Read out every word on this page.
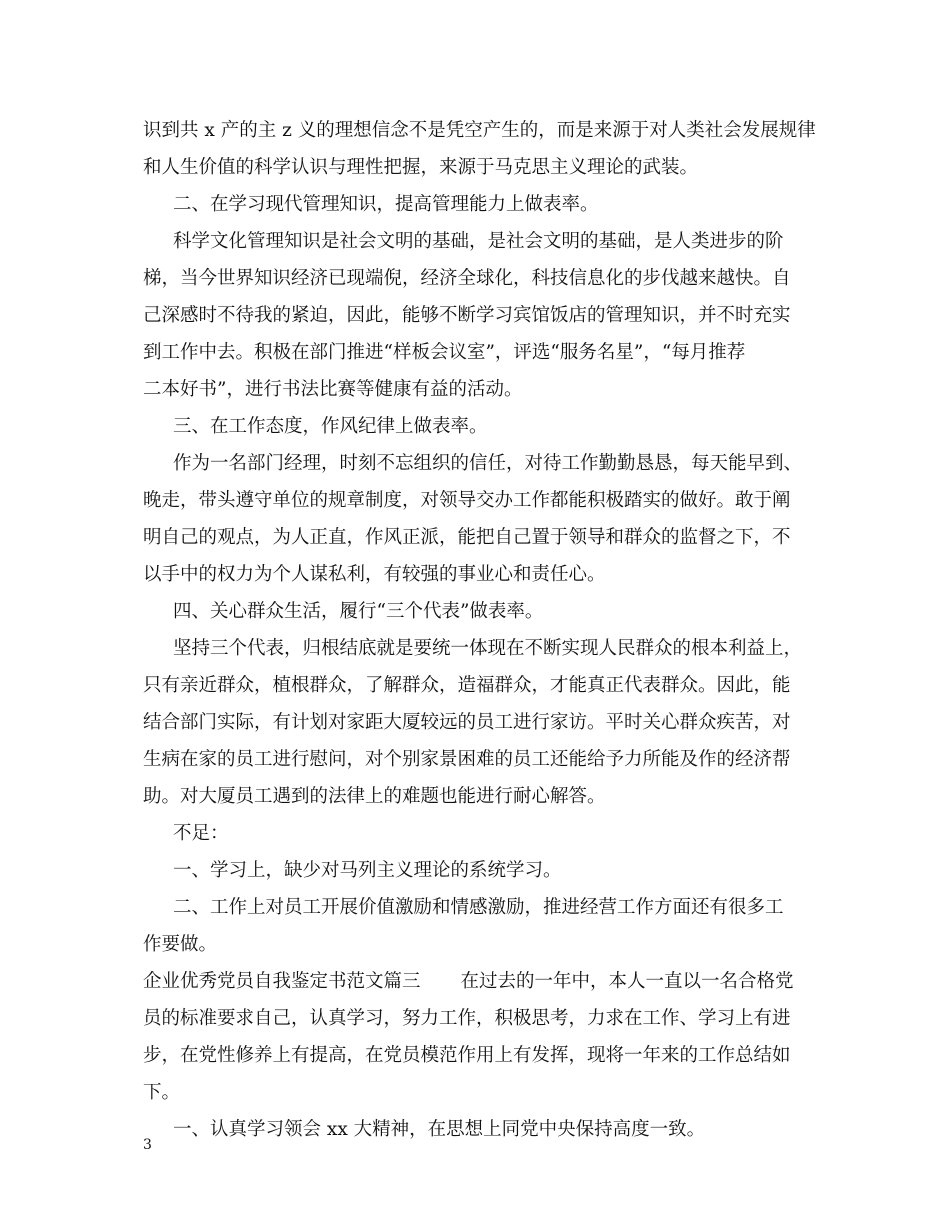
识到共 x 产的主 z 义的理想信念不是凭空产生的，而是来源于对人类社会发展规律
和人生价值的科学认识与理性把握，来源于马克思主义理论的武装。
二、在学习现代管理知识，提高管理能力上做表率。
科学文化管理知识是社会文明的基础，是社会文明的基础，是人类进步的阶
梯，当今世界知识经济已现端倪，经济全球化，科技信息化的步伐越来越快。自
己深感时不待我的紧迫，因此，能够不断学习宾馆饭店的管理知识，并不时充实
到工作中去。积极在部门推进“样板会议室”，评选“服务名星”，“每月推荐
二本好书”，进行书法比赛等健康有益的活动。
三、在工作态度，作风纪律上做表率。
作为一名部门经理，时刻不忘组织的信任，对待工作勤勤恳恳，每天能早到、
晚走，带头遵守单位的规章制度，对领导交办工作都能积极踏实的做好。敢于阐
明自己的观点，为人正直，作风正派，能把自己置于领导和群众的监督之下，不
以手中的权力为个人谋私利，有较强的事业心和责任心。
四、关心群众生活，履行“三个代表”做表率。
坚持三个代表，归根结底就是要统一体现在不断实现人民群众的根本利益上，
只有亲近群众，植根群众，了解群众，造福群众，才能真正代表群众。因此，能
结合部门实际，有计划对家距大厦较远的员工进行家访。平时关心群众疾苦，对
生病在家的员工进行慰问，对个别家景困难的员工还能给予力所能及作的经济帮
助。对大厦员工遇到的法律上的难题也能进行耐心解答。
不足：
一、学习上，缺少对马列主义理论的系统学习。
二、工作上对员工开展价值激励和情感激励，推进经营工作方面还有很多工
作要做。
企业优秀党员自我鉴定书范文篇三 在过去的一年中，本人一直以一名合格党
员的标准要求自己，认真学习，努力工作，积极思考，力求在工作、学习上有进
步，在党性修养上有提高，在党员模范作用上有发挥，现将一年来的工作总结如
下。
一、认真学习领会 xx 大精神，在思想上同党中央保持高度一致。
3
